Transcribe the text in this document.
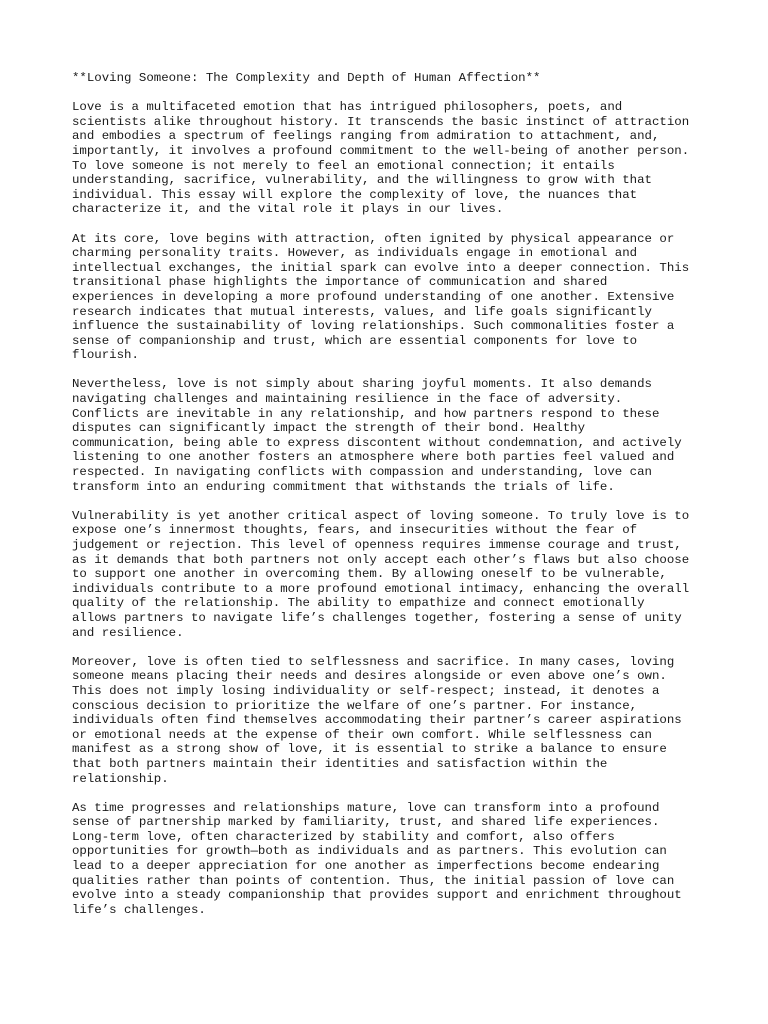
**Loving Someone: The Complexity and Depth of Human Affection**
Love is a multifaceted emotion that has intrigued philosophers, poets, and
scientists alike throughout history. It transcends the basic instinct of attraction
and embodies a spectrum of feelings ranging from admiration to attachment, and,
importantly, it involves a profound commitment to the well-being of another person.
To love someone is not merely to feel an emotional connection; it entails
understanding, sacrifice, vulnerability, and the willingness to grow with that
individual. This essay will explore the complexity of love, the nuances that
characterize it, and the vital role it plays in our lives.
At its core, love begins with attraction, often ignited by physical appearance or
charming personality traits. However, as individuals engage in emotional and
intellectual exchanges, the initial spark can evolve into a deeper connection. This
transitional phase highlights the importance of communication and shared
experiences in developing a more profound understanding of one another. Extensive
research indicates that mutual interests, values, and life goals significantly
influence the sustainability of loving relationships. Such commonalities foster a
sense of companionship and trust, which are essential components for love to
flourish.
Nevertheless, love is not simply about sharing joyful moments. It also demands
navigating challenges and maintaining resilience in the face of adversity.
Conflicts are inevitable in any relationship, and how partners respond to these
disputes can significantly impact the strength of their bond. Healthy
communication, being able to express discontent without condemnation, and actively
listening to one another fosters an atmosphere where both parties feel valued and
respected. In navigating conflicts with compassion and understanding, love can
transform into an enduring commitment that withstands the trials of life.
Vulnerability is yet another critical aspect of loving someone. To truly love is to
expose one’s innermost thoughts, fears, and insecurities without the fear of
judgement or rejection. This level of openness requires immense courage and trust,
as it demands that both partners not only accept each other’s flaws but also choose
to support one another in overcoming them. By allowing oneself to be vulnerable,
individuals contribute to a more profound emotional intimacy, enhancing the overall
quality of the relationship. The ability to empathize and connect emotionally
allows partners to navigate life’s challenges together, fostering a sense of unity
and resilience.
Moreover, love is often tied to selflessness and sacrifice. In many cases, loving
someone means placing their needs and desires alongside or even above one’s own.
This does not imply losing individuality or self-respect; instead, it denotes a
conscious decision to prioritize the welfare of one’s partner. For instance,
individuals often find themselves accommodating their partner’s career aspirations
or emotional needs at the expense of their own comfort. While selflessness can
manifest as a strong show of love, it is essential to strike a balance to ensure
that both partners maintain their identities and satisfaction within the
relationship.
As time progresses and relationships mature, love can transform into a profound
sense of partnership marked by familiarity, trust, and shared life experiences.
Long-term love, often characterized by stability and comfort, also offers
opportunities for growth—both as individuals and as partners. This evolution can
lead to a deeper appreciation for one another as imperfections become endearing
qualities rather than points of contention. Thus, the initial passion of love can
evolve into a steady companionship that provides support and enrichment throughout
life’s challenges.
